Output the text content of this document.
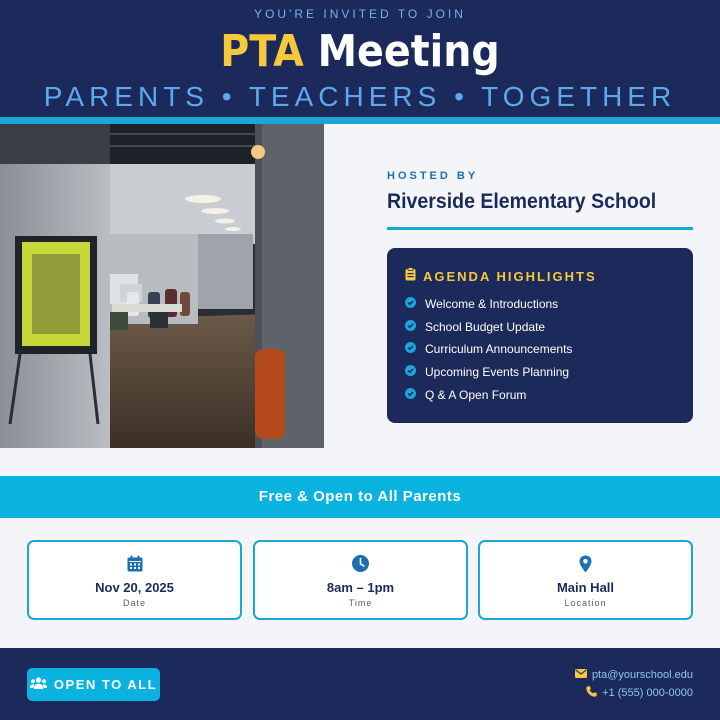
YOU'RE INVITED TO JOIN
PTA Meeting
PARENTS • TEACHERS • TOGETHER
HOSTED BY
Riverside Elementary School
AGENDA HIGHLIGHTS
Welcome & Introductions
School Budget Update
Curriculum Announcements
Upcoming Events Planning
Q & A Open Forum
Free & Open to All Parents
Nov 20, 2025
Date
8am – 1pm
Time
Main Hall
Location
OPEN TO ALL
pta@yourschool.edu
+1 (555) 000-0000
